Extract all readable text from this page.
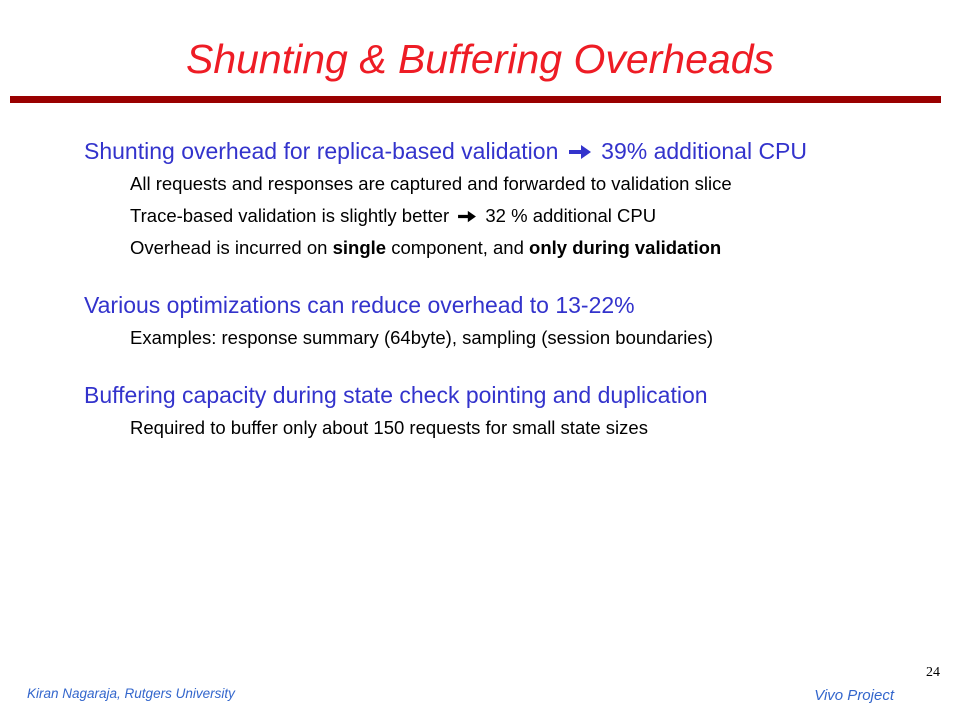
Shunting & Buffering Overheads
Shunting overhead for replica-based validation 39% additional CPU
All requests and responses are captured and forwarded to validation slice
Trace-based validation is slightly better 32 % additional CPU
Overhead is incurred on single component, and only during validation
Various optimizations can reduce overhead to 13-22%
Examples: response summary (64byte), sampling (session boundaries)
Buffering capacity during state check pointing and duplication
Required to buffer only about 150 requests for small state sizes
24
Kiran Nagaraja, Rutgers University	Vivo Project
